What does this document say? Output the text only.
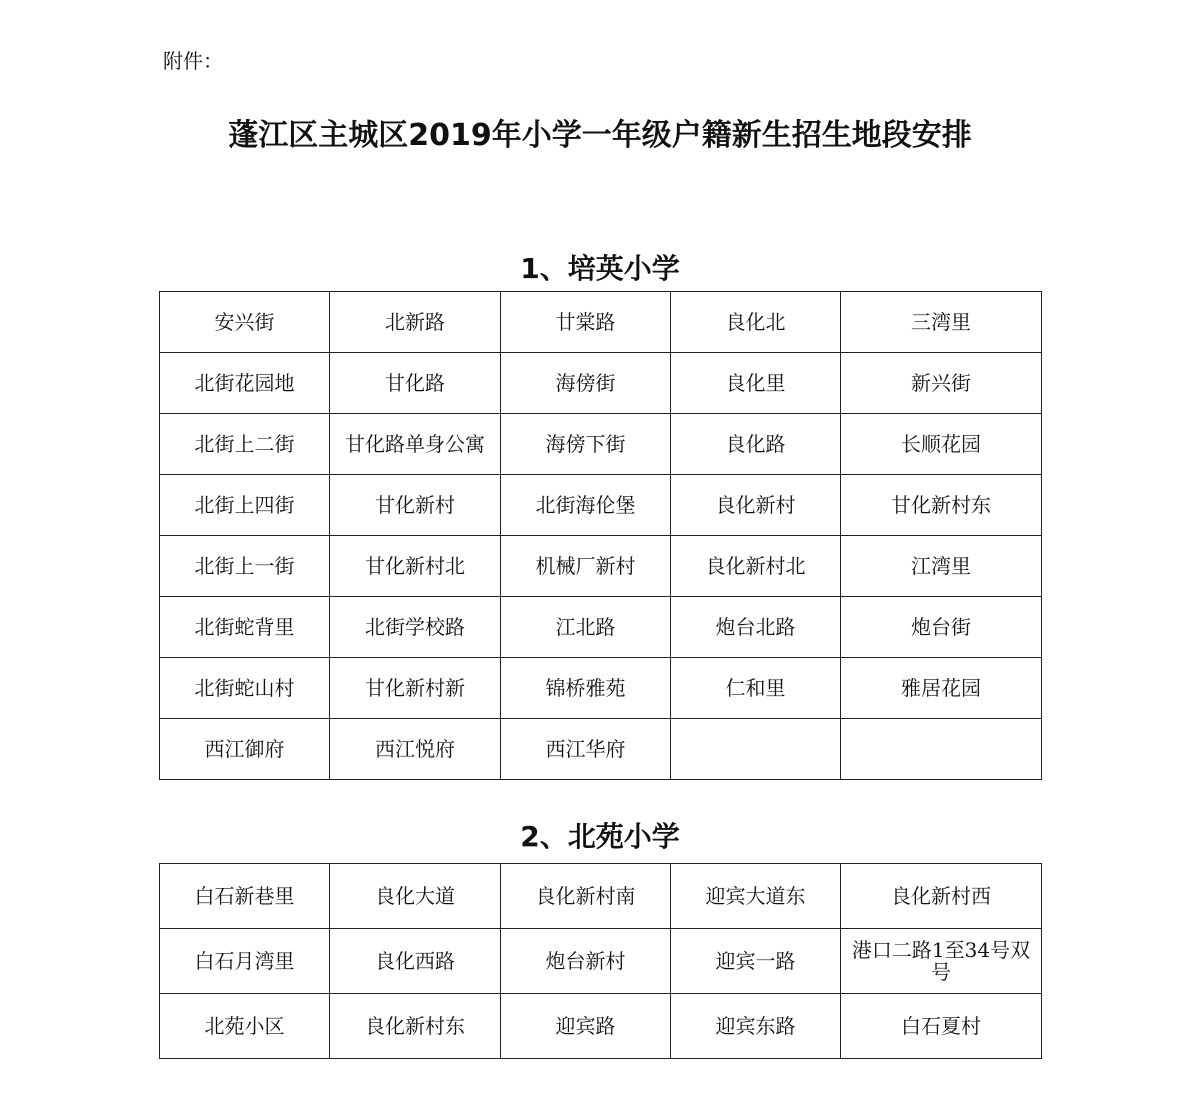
附件：
蓬江区主城区2019年小学一年级户籍新生招生地段安排
1、培英小学
安兴街	北新路	廿棠路	良化北	三湾里
北街花园地	甘化路	海傍街	良化里	新兴街
北街上二街	甘化路单身公寓	海傍下街	良化路	长顺花园
北街上四街	甘化新村	北街海伦堡	良化新村	甘化新村东
北街上一街	甘化新村北	机械厂新村	良化新村北	江湾里
北街蛇背里	北街学校路	江北路	炮台北路	炮台街
北街蛇山村	甘化新村新	锦桥雅苑	仁和里	雅居花园
西江御府	西江悦府	西江华府		
2、北苑小学
白石新巷里	良化大道	良化新村南	迎宾大道东	良化新村西
白石月湾里	良化西路	炮台新村	迎宾一路	港口二路1至34号双号
北苑小区	良化新村东	迎宾路	迎宾东路	白石夏村
